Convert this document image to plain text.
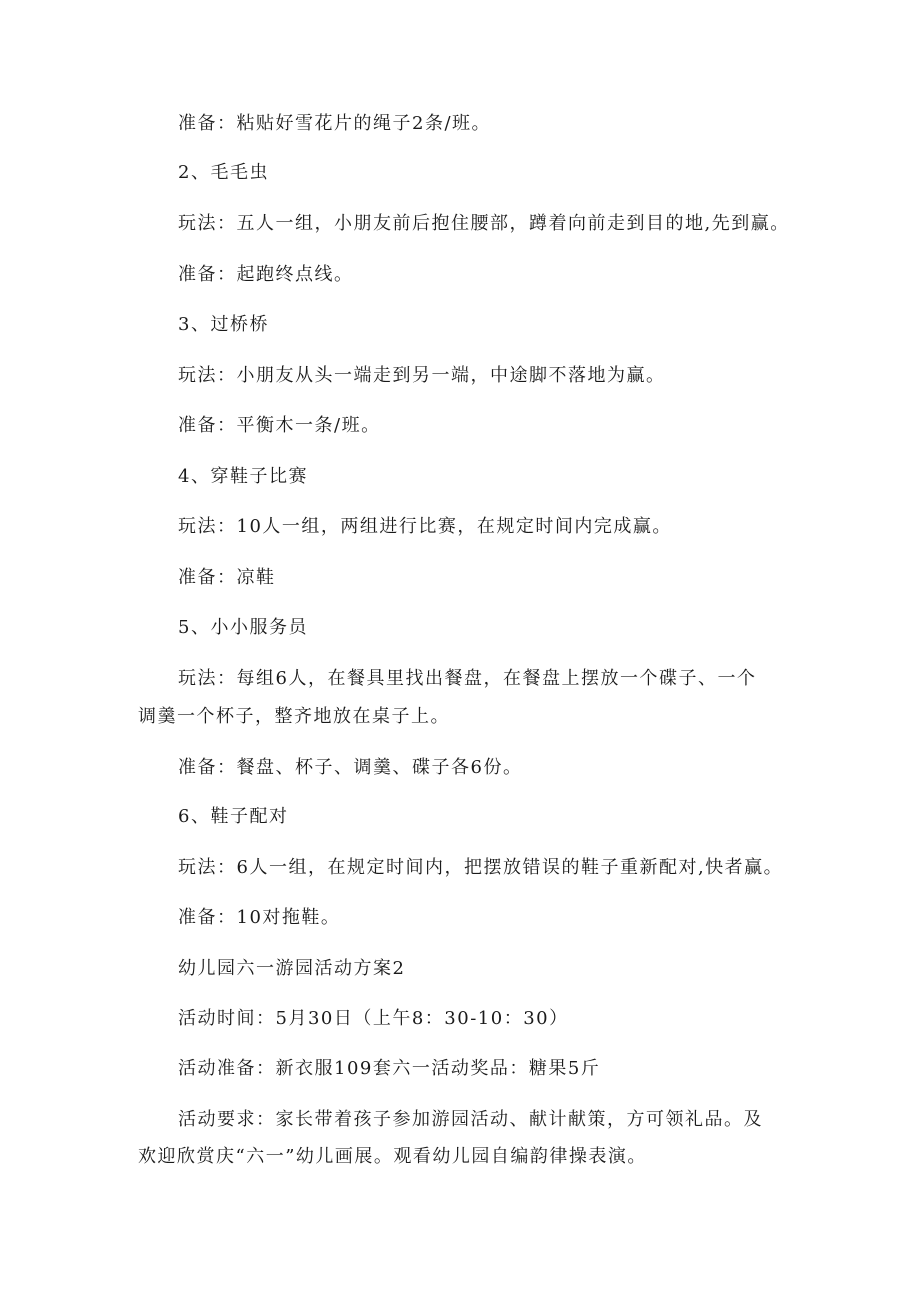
准备：粘贴好雪花片的绳子2条/班。
2、毛毛虫
玩法：五人一组，小朋友前后抱住腰部，蹲着向前走到目的地,先到赢。
准备：起跑终点线。
3、过桥桥
玩法：小朋友从头一端走到另一端，中途脚不落地为赢。
准备：平衡木一条/班。
4、穿鞋子比赛
玩法：10人一组，两组进行比赛，在规定时间内完成赢。
准备：凉鞋
5、小小服务员
玩法：每组6人，在餐具里找出餐盘，在餐盘上摆放一个碟子、一个
调羹一个杯子，整齐地放在桌子上。
准备：餐盘、杯子、调羹、碟子各6份。
6、鞋子配对
玩法：6人一组，在规定时间内，把摆放错误的鞋子重新配对,快者赢。
准备：10对拖鞋。
幼儿园六一游园活动方案2
活动时间：5月30日（上午8：30-10：30）
活动准备：新衣服109套六一活动奖品：糖果5斤
活动要求：家长带着孩子参加游园活动、献计献策，方可领礼品。及
欢迎欣赏庆“六一”幼儿画展。观看幼儿园自编韵律操表演。
